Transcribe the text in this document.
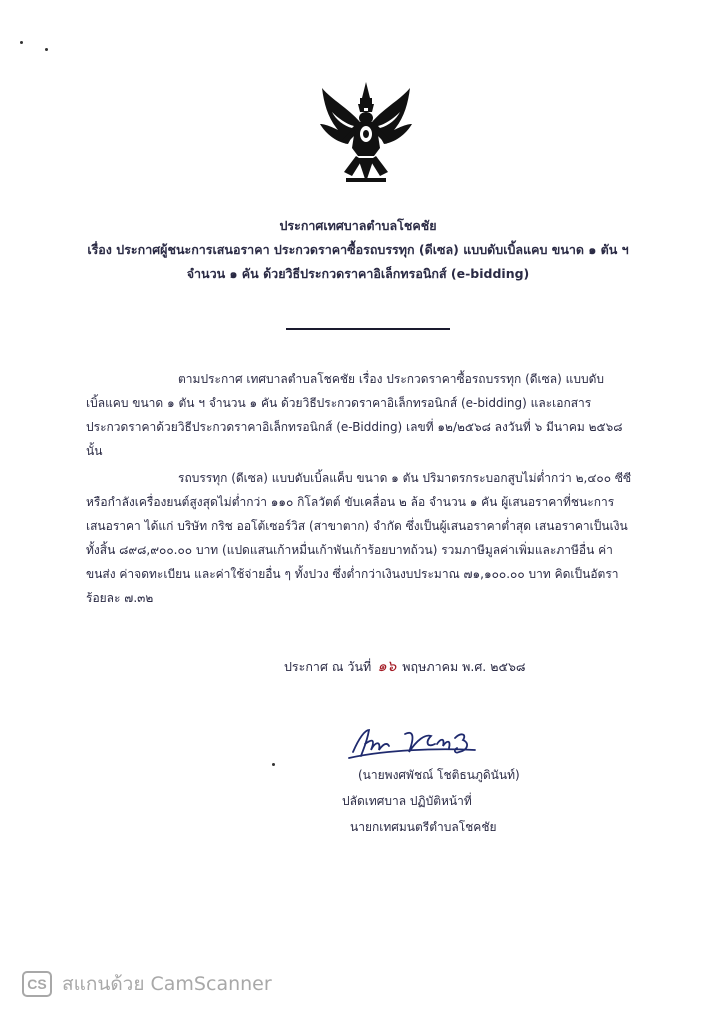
ประกาศเทศบาลตำบลโชคชัย
เรื่อง ประกาศผู้ชนะการเสนอราคา ประกวดราคาซื้อรถบรรทุก (ดีเซล) แบบดับเบิ้ลแคบ ขนาด ๑ ตัน ฯ
จำนวน ๑ คัน ด้วยวิธีประกวดราคาอิเล็กทรอนิกส์ (e-bidding)
ตามประกาศ เทศบาลตำบลโชคชัย เรื่อง ประกวดราคาซื้อรถบรรทุก (ดีเซล) แบบดับ
เบิ้ลแคบ ขนาด ๑ ตัน ฯ จำนวน ๑ คัน ด้วยวิธีประกวดราคาอิเล็กทรอนิกส์ (e-bidding) และเอกสาร
ประกวดราคาด้วยวิธีประกวดราคาอิเล็กทรอนิกส์ (e-Bidding) เลขที่ ๑๒/๒๕๖๘ ลงวันที่ ๖ มีนาคม ๒๕๖๘
นั้น
รถบรรทุก (ดีเซล) แบบดับเบิ้ลแค็บ ขนาด ๑ ตัน ปริมาตรกระบอกสูบไม่ต่ำกว่า ๒,๔๐๐ ซีซี
หรือกำลังเครื่องยนต์สูงสุดไม่ต่ำกว่า ๑๑๐ กิโลวัตต์ ขับเคลื่อน ๒ ล้อ จำนวน ๑ คัน ผู้เสนอราคาที่ชนะการ
เสนอราคา ได้แก่ บริษัท กริช ออโต้เซอร์วิส (สาขาตาก) จำกัด ซึ่งเป็นผู้เสนอราคาต่ำสุด เสนอราคาเป็นเงิน
ทั้งสิ้น ๘๙๘,๙๐๐.๐๐ บาท (แปดแสนเก้าหมื่นเก้าพันเก้าร้อยบาทถ้วน) รวมภาษีมูลค่าเพิ่มและภาษีอื่น ค่า
ขนส่ง ค่าจดทะเบียน และค่าใช้จ่ายอื่น ๆ ทั้งปวง ซึ่งต่ำกว่าเงินงบประมาณ ๗๑,๑๐๐.๐๐ บาท คิดเป็นอัตรา
ร้อยละ ๗.๓๒
ประกาศ ณ วันที่ ๑๖ พฤษภาคม พ.ศ. ๒๕๖๘
(นายพงศพัชณ์ โชติธนภูดินันท์)
ปลัดเทศบาล ปฏิบัติหน้าที่
นายกเทศมนตรีตำบลโชคชัย
CS สแกนด้วย CamScanner
